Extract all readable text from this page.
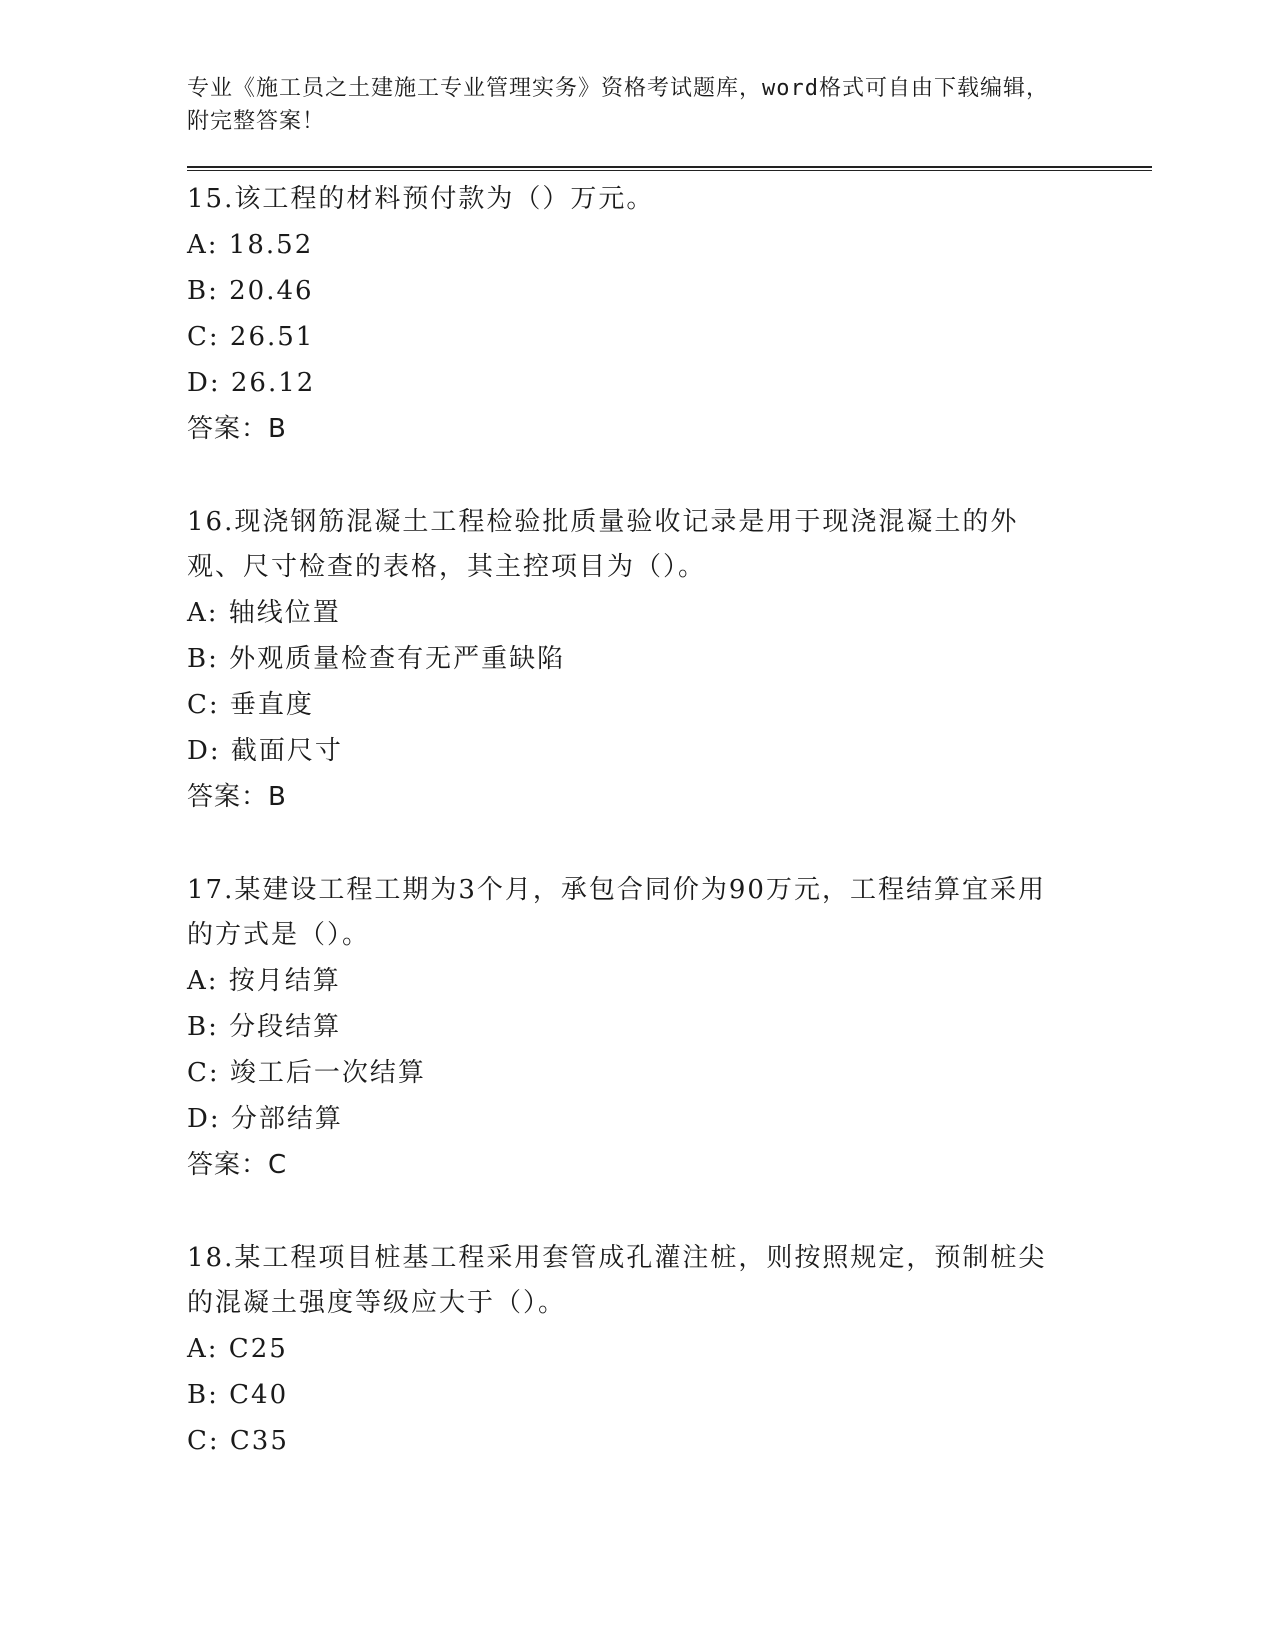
专业《施工员之土建施工专业管理实务》资格考试题库，word格式可自由下载编辑，附完整答案！
15.该工程的材料预付款为（）万元。
A: 18.52
B: 20.46
C: 26.51
D: 26.12
答案：B
16.现浇钢筋混凝土工程检验批质量验收记录是用于现浇混凝土的外观、尺寸检查的表格，其主控项目为（）。
A: 轴线位置
B: 外观质量检查有无严重缺陷
C: 垂直度
D: 截面尺寸
答案：B
17.某建设工程工期为3个月，承包合同价为90万元，工程结算宜采用的方式是（）。
A: 按月结算
B: 分段结算
C: 竣工后一次结算
D: 分部结算
答案：C
18.某工程项目桩基工程采用套管成孔灌注桩，则按照规定，预制桩尖的混凝土强度等级应大于（）。
A: C25
B: C40
C: C35
